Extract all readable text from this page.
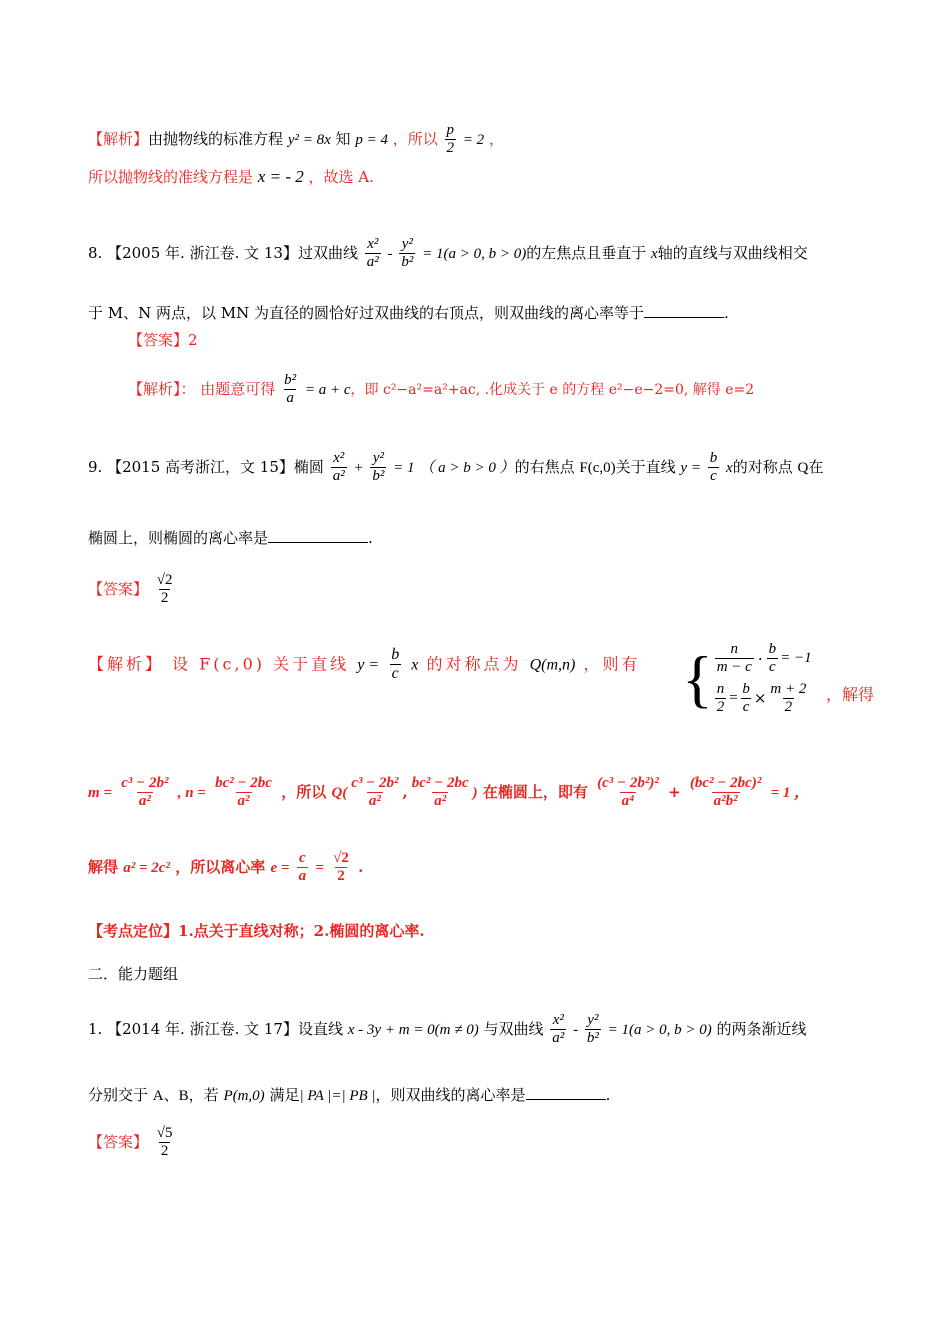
【解析】由抛物线的标准方程 y² = 8x 知 p = 4 ，所以 $\frac{p}{2} = 2$ ，
所以抛物线的准线方程是 x = - 2 ，故选 A.
8. 【2005 年. 浙江卷. 文 13】过双曲线 $\frac{\text{x²}}{\text{a²}} - \frac{\text{y²}}{\text{b²}} = 1(a > 0$, b > 0)的左焦点且垂直于 x轴的直线与双曲线相交
于 M、N 两点，以 MN 为直径的圆恰好过双曲线的右顶点，则双曲线的离心率等于	.
【答案】2
【解析】： 由题意可得 $\frac{\text{b²}}{a} = a + c$，即 c²−a²=a²+ac, .化成关于 e 的方程 e²−e−2=0, 解得 e=2
9. 【2015 高考浙江，文 15】椭圆 $\frac{\text{x²}}{\text{a²}} + \frac{\text{y²}}{\text{b²}} = 1$ （ a > b > 0 ）的右焦点 F(c,0)关于直线 $y = \frac{b}{c}$ x的对称点 Q在
椭圆上，则椭圆的离心率是	.
【答案】 $\frac{√2}{2}$
【解析】 设 F(c,0) 关于直线 $y = \frac{b}{c}$ x 的对称点为 Q(m,n) ，则有 { $\frac{n}{m - c} \cdot \frac{b}{c} = -1$
$\frac{n}{2} = \frac{b}{c} \times \frac{m + 2}{2}$ ，解得
$m = \frac{\text{c³ − 2b²}}{\text{a²}}$ , $n = \frac{\text{bc² − 2bc}}{\text{a²}}$ ，所以 $Q( \frac{\text{c³ − 2b²}}{\text{a²}}$ , $\frac{\text{bc² − 2bc}}{\text{a²}}$ ) 在椭圆上，即有 $\frac{\text{(c³ − 2b²)²}}{\text{a⁴}} + \frac{\text{(bc² − 2bc)²}}{\text{a²b²}} = 1$ ，
解得 a² = 2c² ，所以离心率 $e = \frac{c}{a} = \frac{√2}{2}$ .
【考点定位】1.点关于直线对称；2.椭圆的离心率.
二．能力题组
1. 【2014 年. 浙江卷. 文 17】设直线 x - 3y + m = 0(m ≠ 0) 与双曲线 $\frac{\text{x²}}{\text{a²}} - \frac{\text{y²}}{\text{b²}} = 1(a > 0$, b > 0) 的两条渐近线
分别交于 A、B，若 P(m,0) 满足| PA |=| PB |，则双曲线的离心率是	.
【答案】 $\frac{√5}{2}$
